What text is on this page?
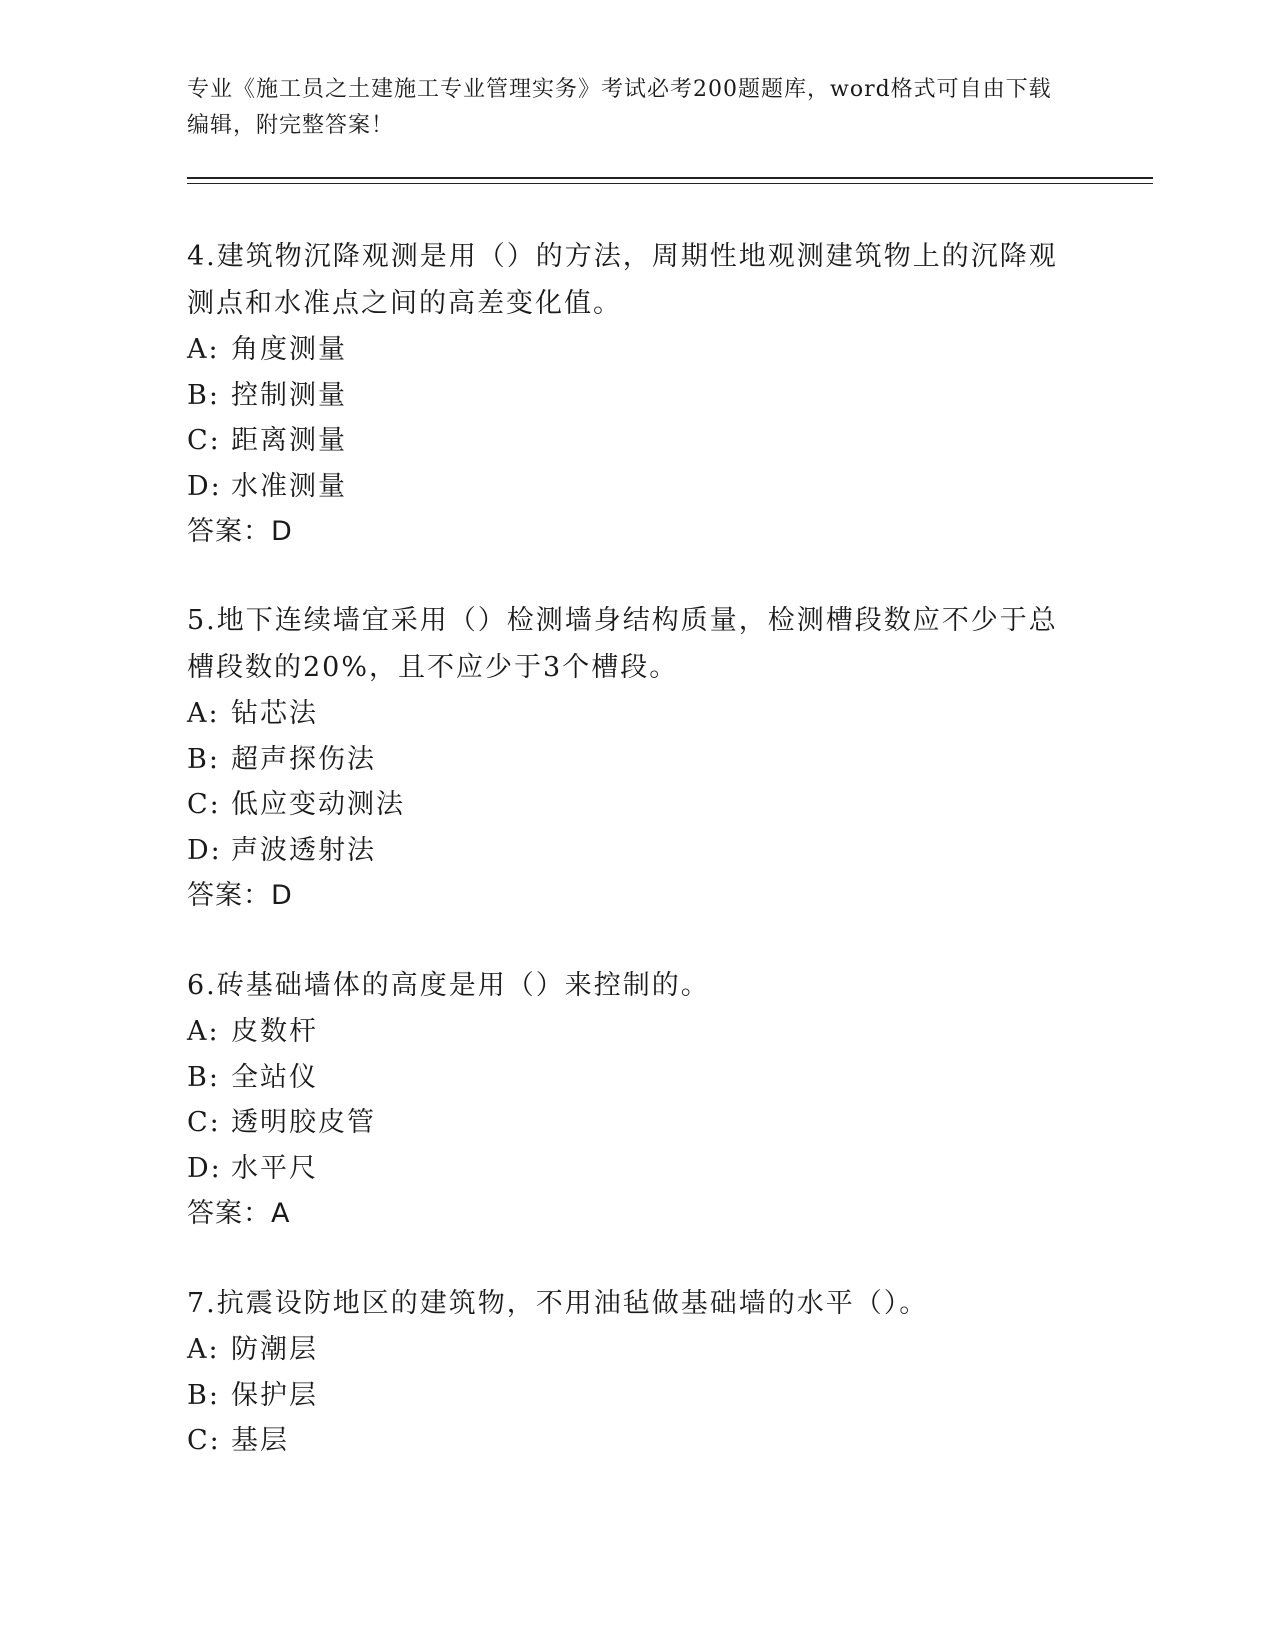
专业《施工员之土建施工专业管理实务》考试必考200题题库，word格式可自由下载编辑，附完整答案！

4.建筑物沉降观测是用（）的方法，周期性地观测建筑物上的沉降观测点和水准点之间的高差变化值。

A: 角度测量

B: 控制测量

C: 距离测量

D: 水准测量

答案：D

5.地下连续墙宜采用（）检测墙身结构质量，检测槽段数应不少于总槽段数的20%，且不应少于3个槽段。

A: 钻芯法

B: 超声探伤法

C: 低应变动测法

D: 声波透射法

答案：D

6.砖基础墙体的高度是用（）来控制的。

A: 皮数杆

B: 全站仪

C: 透明胶皮管

D: 水平尺

答案：A

7.抗震设防地区的建筑物，不用油毡做基础墙的水平（）。

A: 防潮层

B: 保护层

C: 基层
